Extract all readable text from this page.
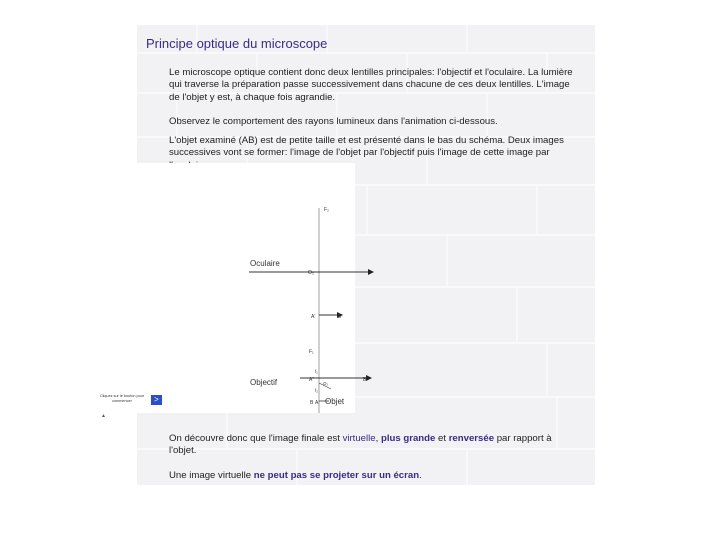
Principe optique du microscope
Le microscope optique contient donc deux lentilles principales: l'objectif et l'oculaire. La lumière qui traverse la préparation passe successivement dans chacune de ces deux lentilles. L'image de l'objet y est, à chaque fois agrandie.
Observez le comportement des rayons lumineux dans l'animation ci-dessous.
L'objet examiné (AB) est de petite taille et est présenté dans le bas du schéma. Deux images successives vont se former: l'image de l'objet par l'objectif puis l'image de cette image par
On découvre donc que l'image finale est virtuelle, plus grande et renversée par rapport à l'objet.
Une image virtuelle ne peut pas se projeter sur un écran.
F₂
Oculaire
O₂
A'	B'
F₁
f₁
A"	B"
O₁
f₂
Objectif
B A Objet
Cliquez sur le bouton pour commencer	>
▲
